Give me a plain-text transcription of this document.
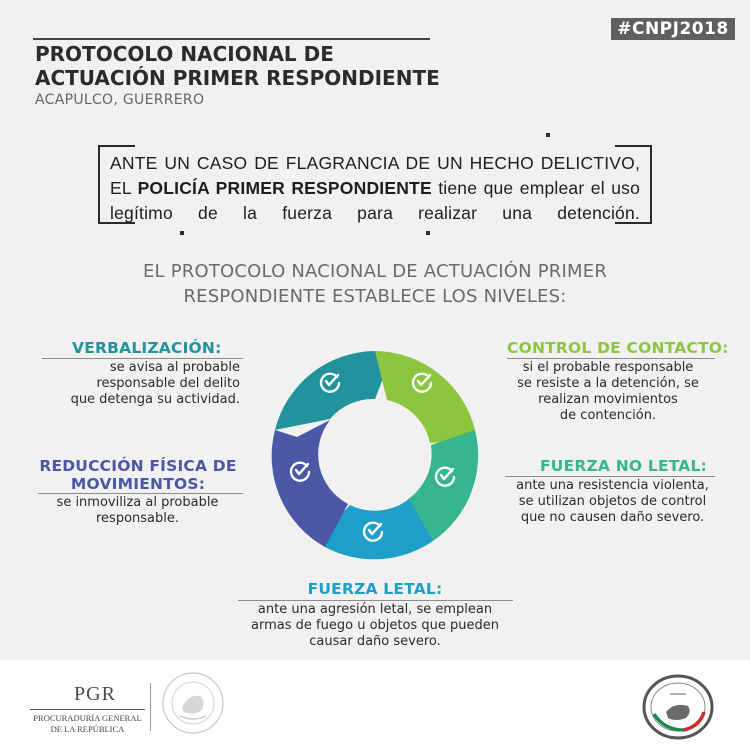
#CNPJ2018
PROTOCOLO NACIONAL DE
ACTUACIÓN PRIMER RESPONDIENTE
ACAPULCO, GUERRERO
ANTE UN CASO DE FLAGRANCIA DE UN HECHO DELICTIVO, EL POLICÍA PRIMER RESPONDIENTE tiene que emplear el uso legítimo de la fuerza para realizar una detención.
EL PROTOCOLO NACIONAL DE ACTUACIÓN PRIMER
RESPONDIENTE ESTABLECE LOS NIVELES:
VERBALIZACIÓN:
se avisa al probable
responsable del delito
que detenga su actividad.
CONTROL DE CONTACTO:
si el probable responsable
se resiste a la detención, se
realizan movimientos
de contención.
REDUCCIÓN FÍSICA DE
MOVIMIENTOS:
se inmoviliza al probable
responsable.
FUERZA NO LETAL:
ante una resistencia violenta,
se utilizan objetos de control
que no causen daño severo.
FUERZA LETAL:
ante una agresión letal, se emplean
armas de fuego u objetos que pueden
causar daño severo.
PGR
PROCURADURÍA GENERAL
DE LA REPÚBLICA
